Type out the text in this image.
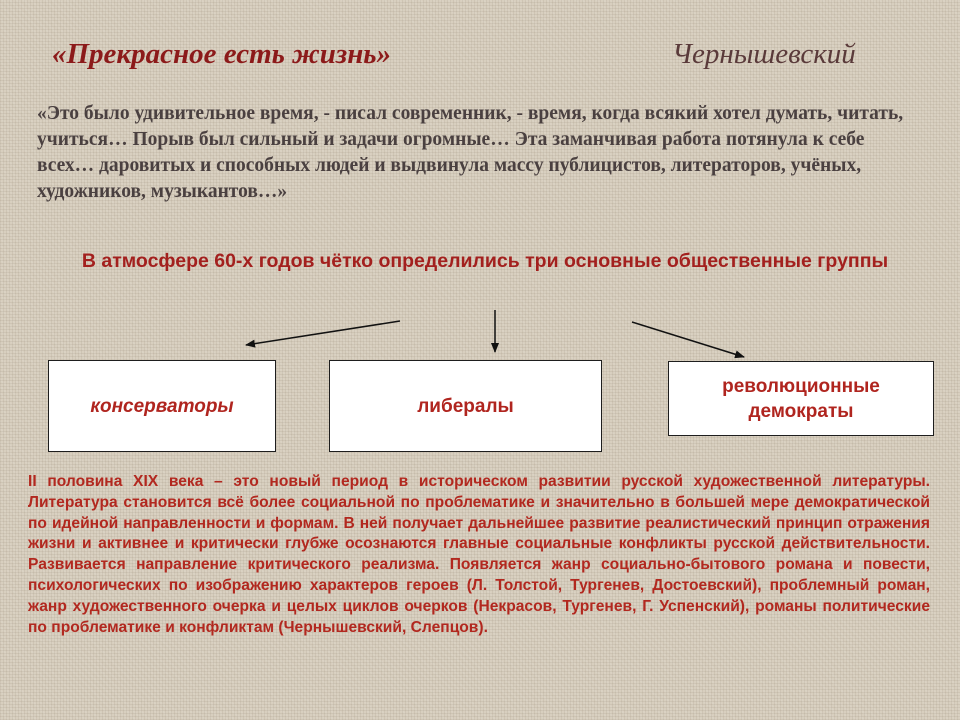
«Прекрасное есть жизнь»	Чернышевский
«Это было удивительное время, - писал современник, - время, когда всякий хотел думать, читать, учиться… Порыв был сильный и задачи огромные… Эта заманчивая работа потянула к себе всех… даровитых и способных людей и выдвинула массу публицистов, литераторов, учёных, художников, музыкантов…»
В атмосфере 60-х годов чётко определились три основные общественные группы
консерваторы	либералы
революционные демократы
II половина XIX века – это новый период в историческом развитии русской художественной литературы. Литература становится всё более социальной по проблематике и значительно в большей мере демократической по идейной направленности и формам. В ней получает дальнейшее развитие реалистический принцип отражения жизни и активнее и критически глубже осознаются главные социальные конфликты русской действительности. Развивается направление критического реализма. Появляется жанр социально-бытового романа и повести, психологических по изображению характеров героев (Л. Толстой, Тургенев, Достоевский), проблемный роман, жанр художественного очерка и целых циклов очерков (Некрасов, Тургенев, Г. Успенский), романы политические по проблематике и конфликтам (Чернышевский, Слепцов).
